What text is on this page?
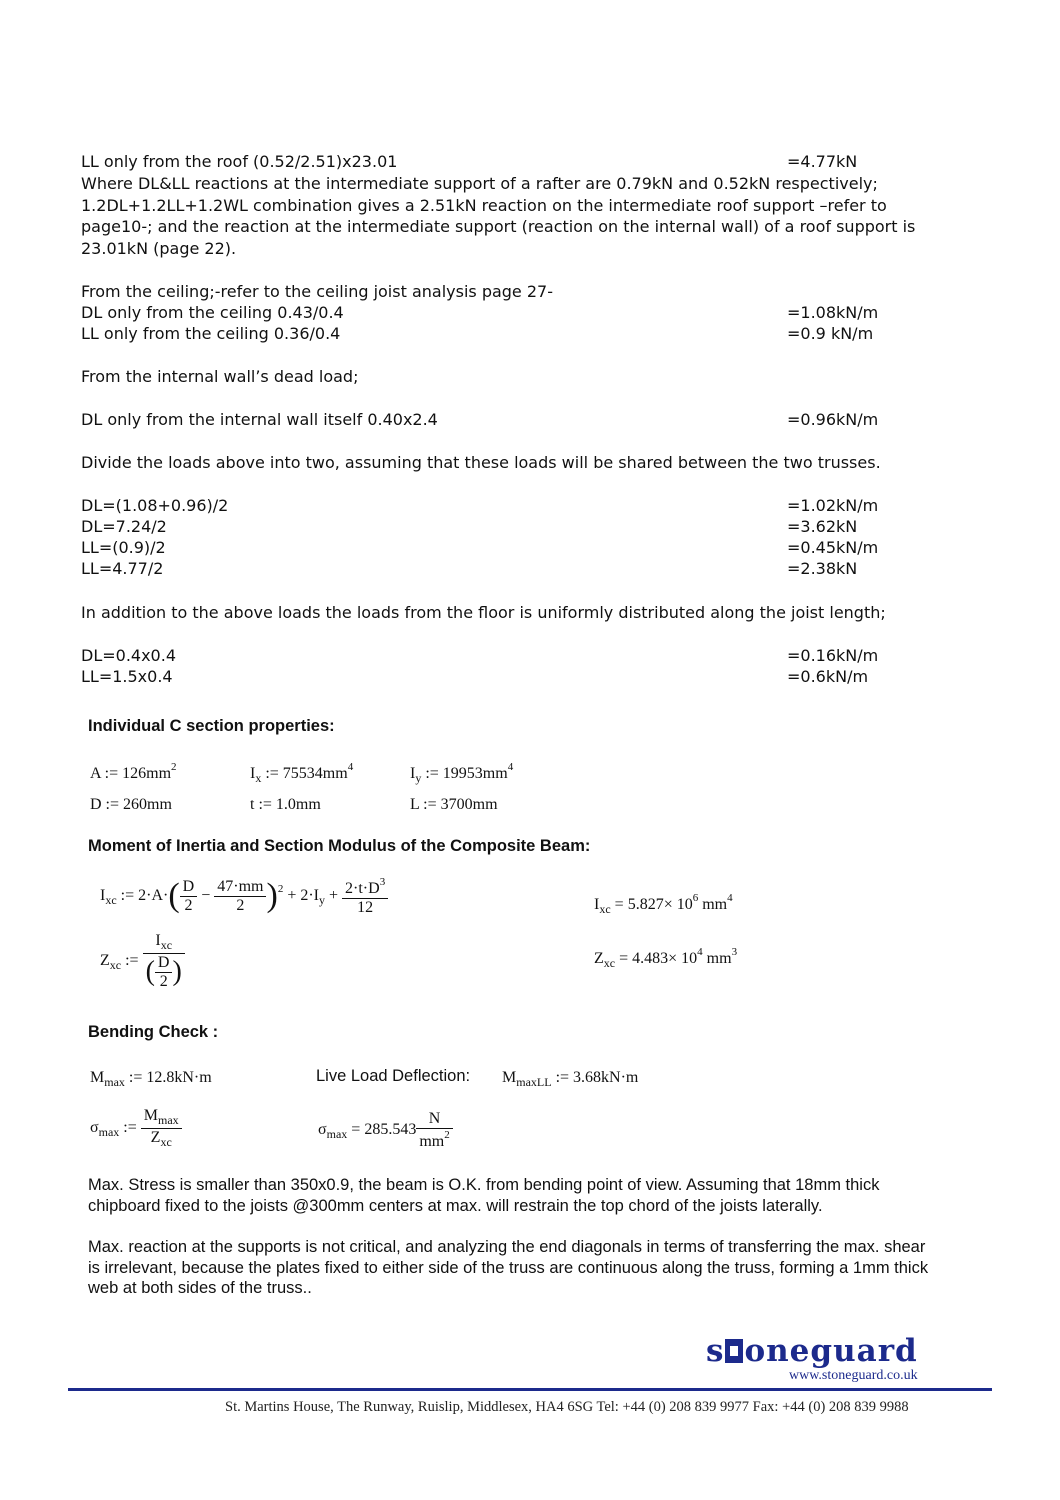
LL only from the roof (0.52/2.51)x23.01	=4.77kN
Where DL&LL reactions at the intermediate support of a rafter are 0.79kN and 0.52kN respectively; 1.2DL+1.2LL+1.2WL combination gives a 2.51kN reaction on the intermediate roof support –refer to page10-; and the reaction at the intermediate support (reaction on the internal wall) of a roof support is 23.01kN (page 22).
From the ceiling;-refer to the ceiling joist analysis page 27-
DL only from the ceiling 0.43/0.4	=1.08kN/m
LL only from the ceiling 0.36/0.4	=0.9 kN/m
From the internal wall’s dead load;
DL only from the internal wall itself 0.40x2.4	=0.96kN/m
Divide the loads above into two, assuming that these loads will be shared between the two trusses.
DL=(1.08+0.96)/2	=1.02kN/m
DL=7.24/2	=3.62kN
LL=(0.9)/2	=0.45kN/m
LL=4.77/2	=2.38kN
In addition to the above loads the loads from the floor is uniformly distributed along the joist length;
DL=0.4x0.4	=0.16kN/m
LL=1.5x0.4	=0.6kN/m
Individual C section properties:
A := $126mm^2$	$I_x$ := $75534mm^4$	$I_y$ := $19953mm^4$
D := 260mm	t := 1.0mm	L := 3700mm
Moment of Inertia and Section Modulus of the Composite Beam:
$I_{xc}$ := $2\cdot A\cdot( \frac{D}{2} - \frac{47\cdot mm}{2} )^2 + 2\cdot I_y + \frac{2\cdot t\cdot D^3}{12}$	$I_{xc} = 5.827\times 10^6$ $mm^4$
$Z_{xc}$ := $\frac{I_{xc}}{( \frac{D}{2} )}$	$Z_{xc} = 4.483\times 10^4$ $mm^3$
Bending Check :
$M_{max}$ := 12.8kN·m	Live Load Deflection: $M_{maxLL}$ := 3.68kN·m
$\sigma_{max}$ := $\frac{M_{max}}{Z_{xc}}$	$\sigma_{max} = 285.543 \frac{N}{mm^2}$
Max. Stress is smaller than 350x0.9, the beam is O.K. from bending point of view. Assuming that 18mm thick chipboard fixed to the joists @300mm centers at max. will restrain the top chord of the joists laterally.
Max. reaction at the supports is not critical, and analyzing the end diagonals in terms of transferring the max. shear is irrelevant, because the plates fixed to either side of the truss are continuous along the truss, forming a 1mm thick web at both sides of the truss..
s oneguard
www.stoneguard.co.uk
St. Martins House, The Runway, Ruislip, Middlesex, HA4 6SG Tel: +44 (0) 208 839 9977 Fax: +44 (0) 208 839 9988
